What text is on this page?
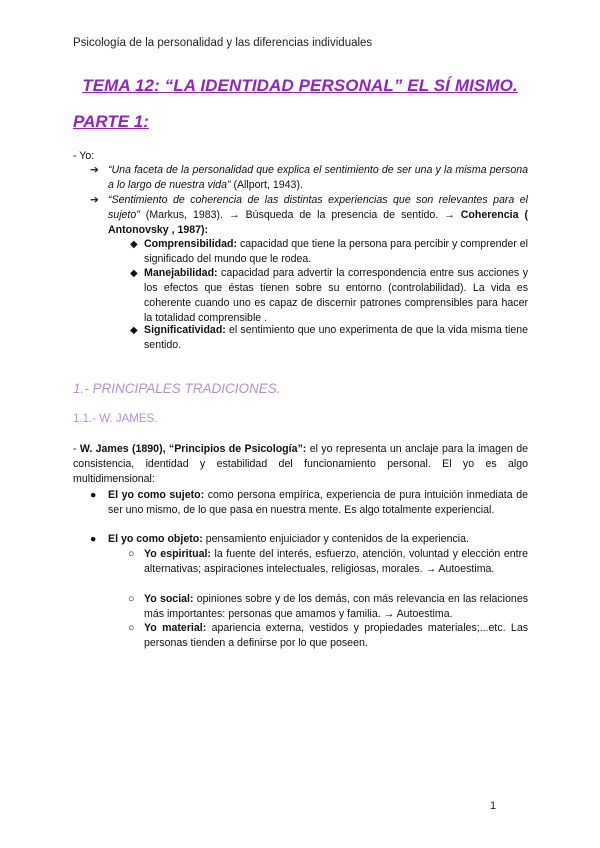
Psicología de la personalidad y las diferencias individuales
TEMA 12: “LA IDENTIDAD PERSONAL” EL SÍ MISMO.
PARTE 1:
- Yo:
➔ “Una faceta de la personalidad que explica el sentimiento de ser una y la misma persona a lo largo de nuestra vida” (Allport, 1943).
➔ “Sentimiento de coherencia de las distintas experiencias que son relevantes para el sujeto” (Markus, 1983). → Búsqueda de la presencia de sentido. → Coherencia ( Antonovsky , 1987):
◆ Comprensibilidad: capacidad que tiene la persona para percibir y comprender el significado del mundo que le rodea.
◆ Manejabilidad: capacidad para advertir la correspondencia entre sus acciones y los efectos que éstas tienen sobre su entorno (controlabilidad). La vida es coherente cuando uno es capaz de discernir patrones comprensibles para hacer la totalidad comprensible .
◆ Significatividad: el sentimiento que uno experimenta de que la vida misma tiene sentido.
1.- PRINCIPALES TRADICIONES.
1.1.- W. JAMES.
- W. James (1890), “Principios de Psicología”: el yo representa un anclaje para la imagen de consistencia, identidad y estabilidad del funcionamiento personal. El yo es algo multidimensional:
● El yo como sujeto: como persona empírica, experiencia de pura intuición inmediata de ser uno mismo, de lo que pasa en nuestra mente. Es algo totalmente experiencial.
● El yo como objeto: pensamiento enjuiciador y contenidos de la experiencia.
○ Yo espiritual: la fuente del interés, esfuerzo, atención, voluntad y elección entre alternativas; aspiraciones intelectuales, religiosas, morales. → Autoestima.
○ Yo social: opiniones sobre y de los demás, con más relevancia en las relaciones más importantes: personas que amamos y familia. → Autoestima.
○ Yo material: apariencia externa, vestidos y propiedades materiales;...etc. Las personas tienden a definirse por lo que poseen.
1
